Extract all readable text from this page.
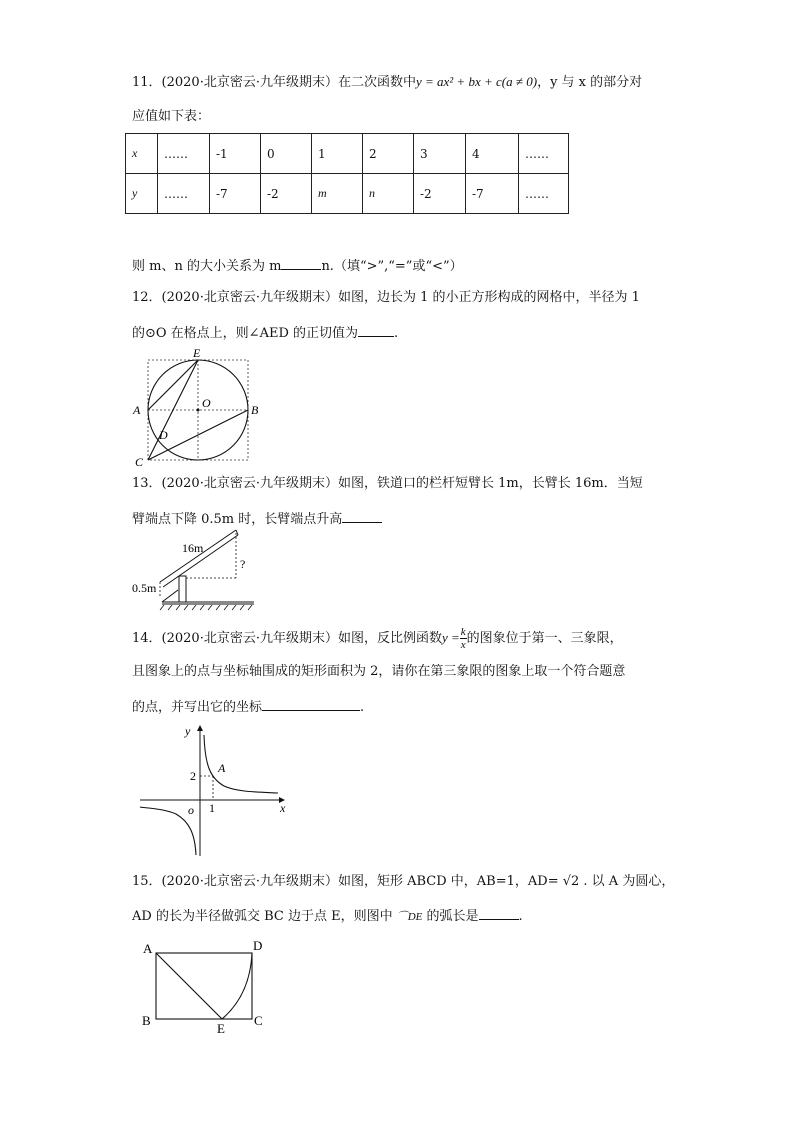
11．(2020·北京密云·九年级期末）在二次函数中y = ax² + bx + c(a ≠ 0)，y 与 x 的部分对
应值如下表：
x	……	-1	0	1	2	3	4	……
y	……	-7	-2	m	n	-2	-7	……
则 m、n 的大小关系为 m	n.（填“>”,“=”或“<”）
12．(2020·北京密云·九年级期末）如图，边长为 1 的小正方形构成的网格中，半径为 1
的⊙O 在格点上，则∠AED 的正切值为	.
E
O
A	B
D
C
13．(2020·北京密云·九年级期末）如图，铁道口的栏杆短臂长 1m，长臂长 16m．当短
臂端点下降 0.5m 时，长臂端点升高
16m
0.5m
?
14．(2020·北京密云·九年级期末）如图，反比例函数$y = \frac{k}{x}$ 的图象位于第一、三象限，
且图象上的点与坐标轴围成的矩形面积为 2，请你在第三象限的图象上取一个符合题意
的点，并写出它的坐标	.
y
x
o
2
1
A
15．(2020·北京密云·九年级期末）如图，矩形 ABCD 中，AB=1，AD= √2 . 以 A 为圆心，
AD 的长为半径做弧交 BC 边于点 E，则图中 ⌒DE 的弧长是	.
A	D
B	C
E
